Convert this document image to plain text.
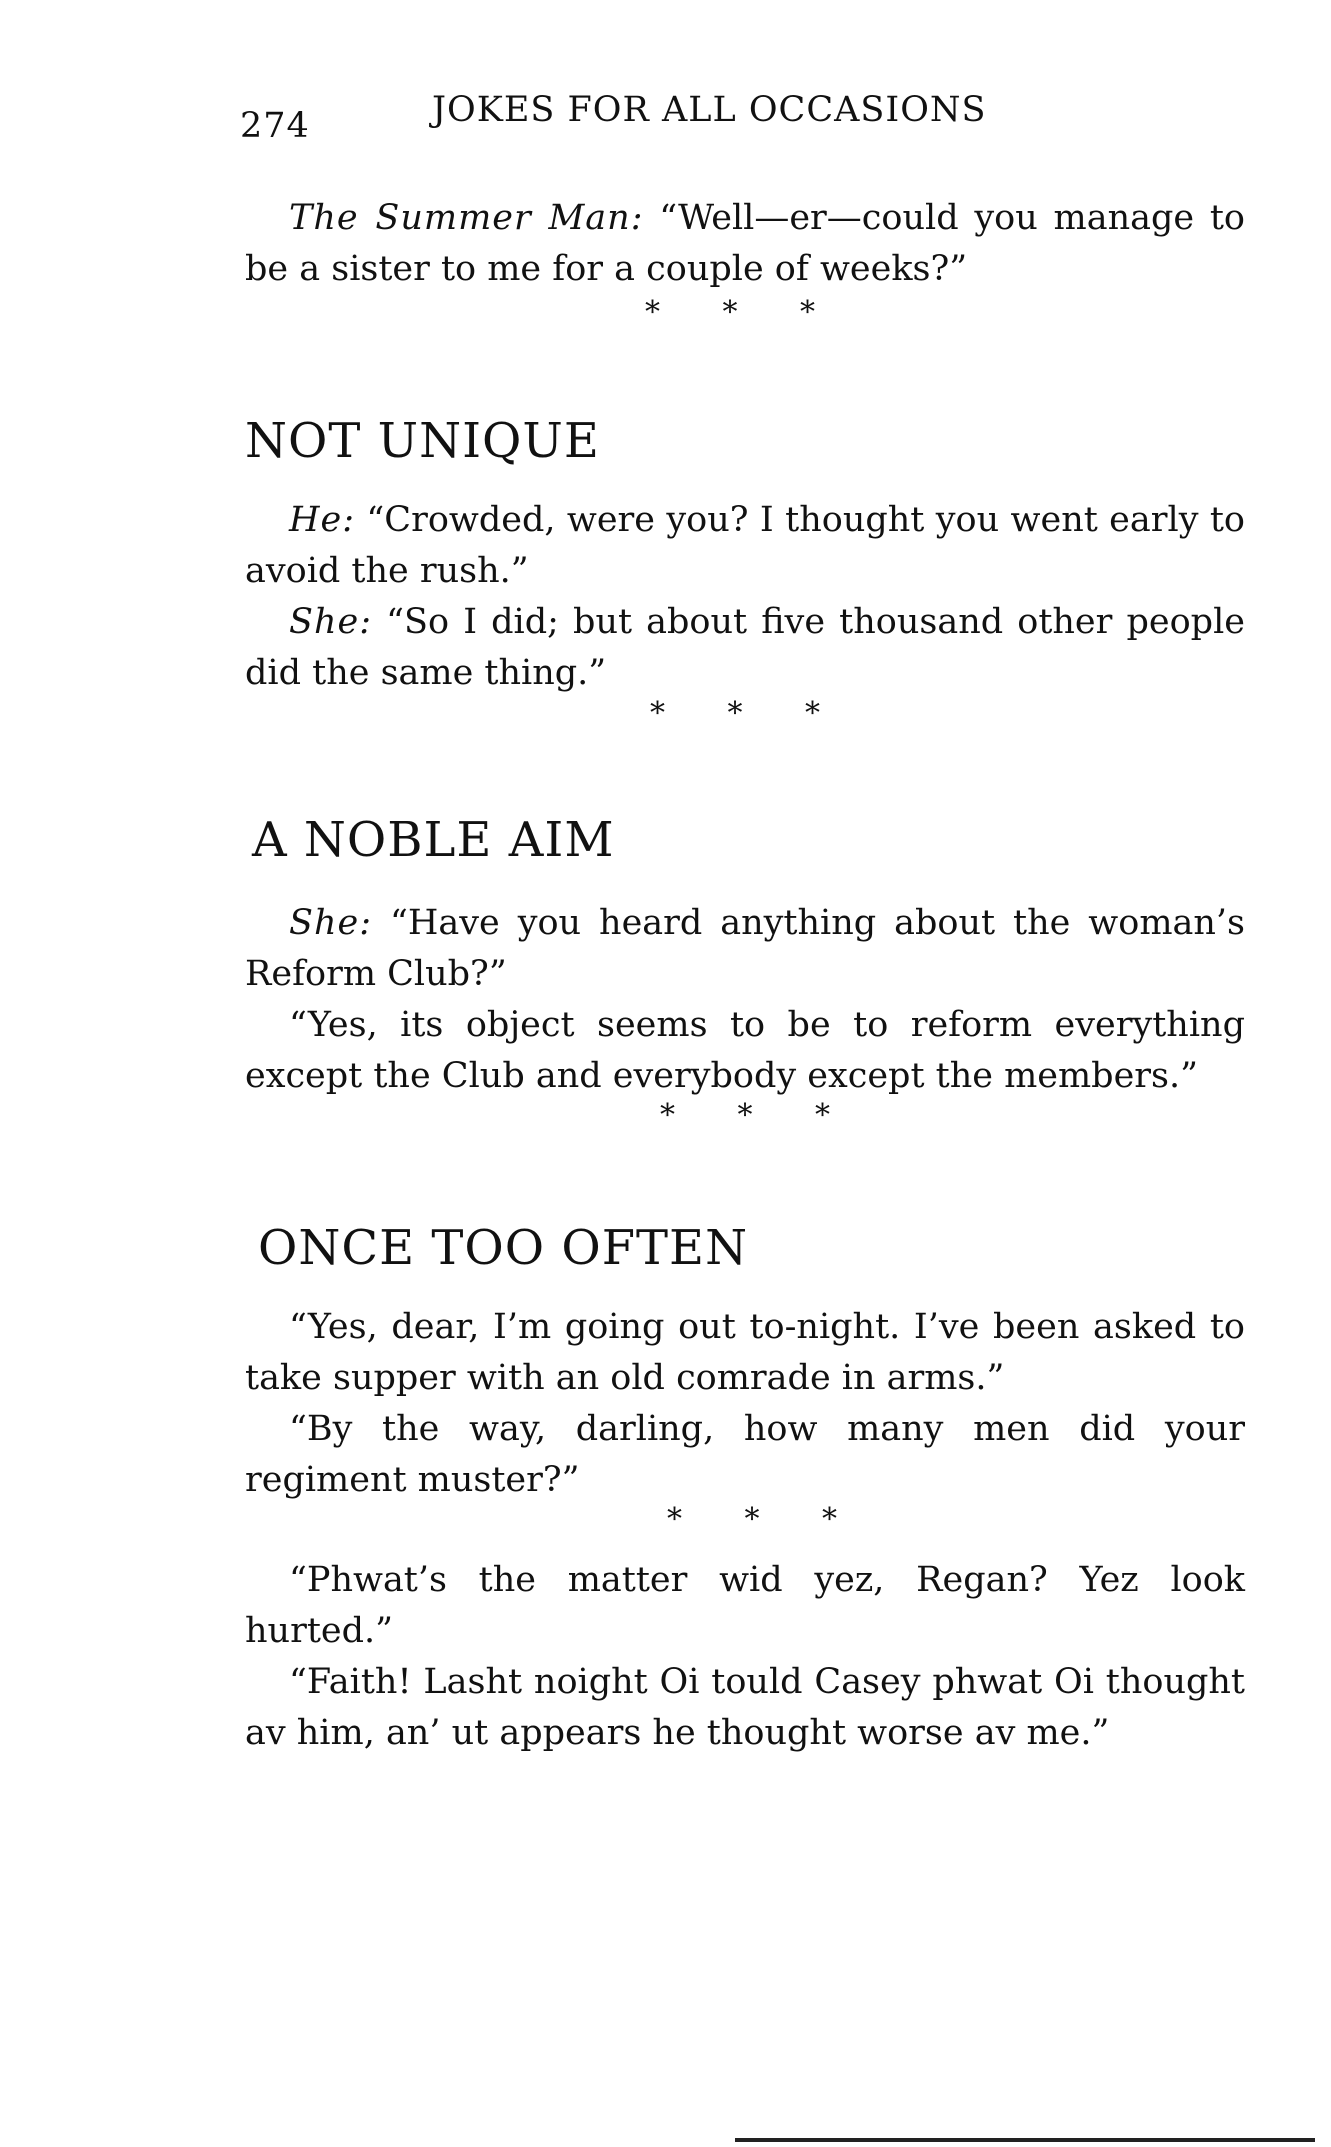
274	JOKES FOR ALL OCCASIONS

The Summer Man: “Well—er—could you manage to be a sister to me for a couple of weeks?”

* * *
NOT UNIQUE

He: “Crowded, were you? I thought you went early to avoid the rush.”

She: “So I did; but about five thousand other people did the same thing.”

* * *
A NOBLE AIM

She: “Have you heard anything about the woman’s Reform Club?”

“Yes, its object seems to be to reform everything except the Club and everybody except the members.”

* * *
ONCE TOO OFTEN

“Yes, dear, I’m going out to-night. I’ve been asked to take supper with an old comrade in arms.”

“By the way, darling, how many men did your regiment muster?”

* * *

“Phwat’s the matter wid yez, Regan? Yez look hurted.”

“Faith! Lasht noight Oi tould Casey phwat Oi thought av him, an’ ut appears he thought worse av me.”
